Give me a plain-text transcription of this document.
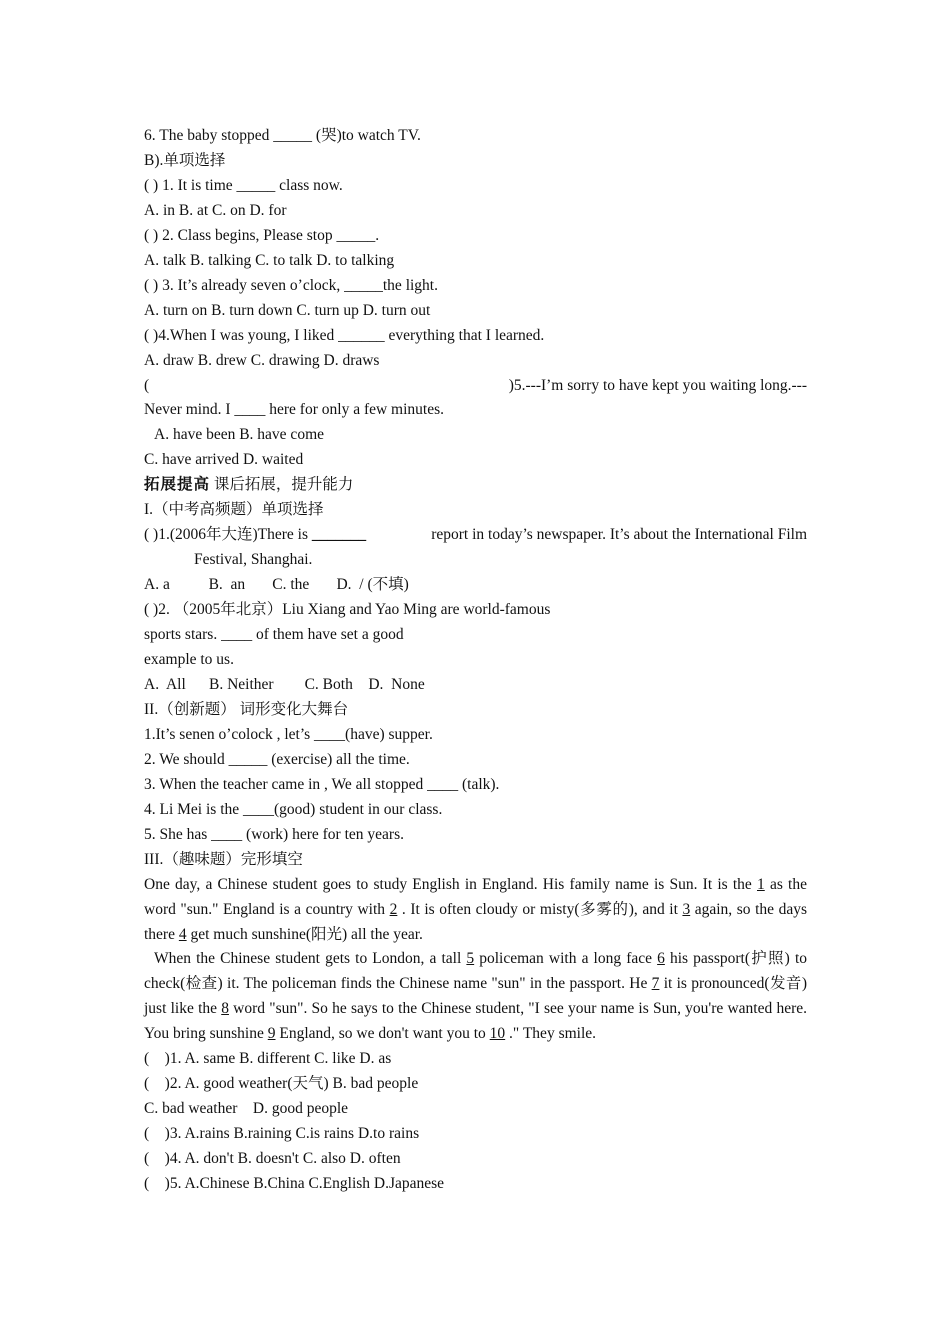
6. The baby stopped _____ (哭)to watch TV.
B).单项选择
( ) 1. It is time _____ class now.
A. in B. at C. on D. for
( ) 2. Class begins, Please stop _____.
A. talk B. talking C. to talk D. to talking
( ) 3. It’s already seven o’clock, _____the light.
A. turn on B. turn down C. turn up D. turn out
( )4.When I was young, I liked ______ everything that I learned.
A. draw B. drew C. drawing D. draws
(	)5.---I’m sorry to have kept you waiting long.---
Never mind. I ____ here for only a few minutes.
A. have been B. have come
C. have arrived D. waited
拓展提高 课后拓展，提升能力
I.（中考高频题）单项选择
( )1.(2006年大连)There is _______	report in today’s newspaper. It’s about the International Film
Festival, Shanghai.
A. a          B.  an       C. the       D.  / (不填)
( )2. （2005年北京）Liu Xiang and Yao Ming are world-famous
sports stars. ____ of them have set a good
example to us.
A.  All      B. Neither        C. Both    D.  None
II.（创新题） 词形变化大舞台
1.It’s senen o’colock , let’s ____(have) supper.
2. We should _____ (exercise) all the time.
3. When the teacher came in , We all stopped ____ (talk).
4. Li Mei is the ____(good) student in our class.
5. She has ____ (work) here for ten years.
III.（趣味题）完形填空
One day, a Chinese student goes to study English in England. His family name is Sun. It is the 1 as the word "sun." England is a country with 2 . It is often cloudy or misty(多雾的), and it 3 again, so the days there 4 get much sunshine(阳光) all the year.
When the Chinese student gets to London, a tall 5 policeman with a long face 6 his passport(护照) to check(检查) it. The policeman finds the Chinese name "sun" in the passport. He 7 it is pronounced(发音) just like the 8 word "sun". So he says to the Chinese student, "I see your name is Sun, you're wanted here. You bring sunshine 9 England, so we don't want you to 10 ." They smile.
(    )1. A. same B. different C. like D. as
(    )2. A. good weather(天气) B. bad people
C. bad weather    D. good people
(    )3. A.rains B.raining C.is rains D.to rains
(    )4. A. don't B. doesn't C. also D. often
(    )5. A.Chinese B.China C.English D.Japanese
